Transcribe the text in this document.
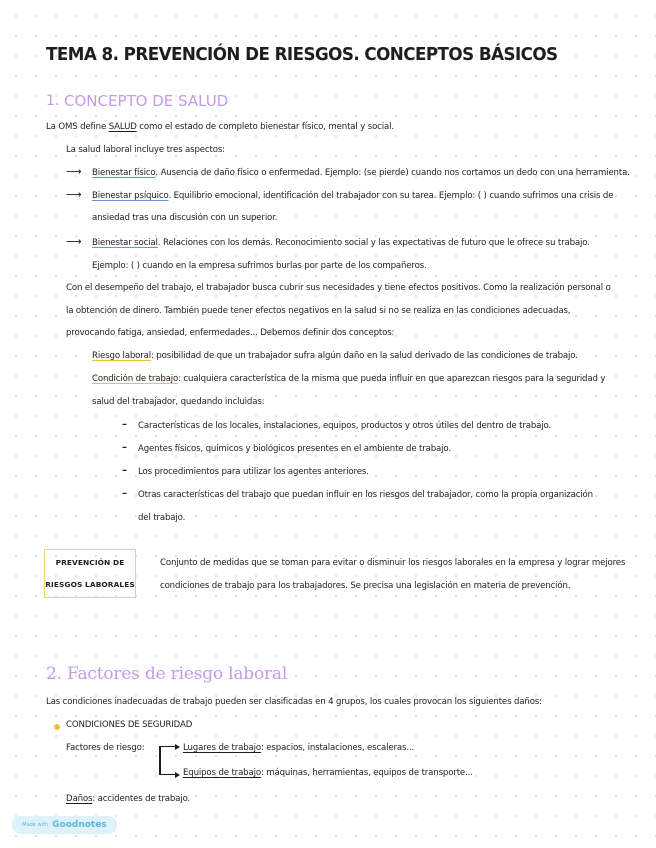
TEMA 8. PREVENCIÓN DE RIESGOS. CONCEPTOS BÁSICOS
1. CONCEPTO DE SALUD
La OMS define SALUD como el estado de completo bienestar físico, mental y social.
La salud laboral incluye tres aspectos:
⟶ Bienestar físico. Ausencia de daño físico o enfermedad. Ejemplo: (se pierde) cuando nos cortamos un dedo con una herramienta.
⟶ Bienestar psíquico. Equilibrio emocional, identificación del trabajador con su tarea. Ejemplo: ( ) cuando sufrimos una crisis de
ansiedad tras una discusión con un superior.
⟶ Bienestar social. Relaciones con los demás. Reconocimiento social y las expectativas de futuro que le ofrece su trabajo.
Ejemplo: ( ) cuando en la empresa sufrimos burlas por parte de los compañeros.
Con el desempeño del trabajo, el trabajador busca cubrir sus necesidades y tiene efectos positivos. Como la realización personal o
la obtención de dinero. También puede tener efectos negativos en la salud si no se realiza en las condiciones adecuadas,
provocando fatiga, ansiedad, enfermedades... Debemos definir dos conceptos:
Riesgo laboral: posibilidad de que un trabajador sufra algún daño en la salud derivado de las condiciones de trabajo.
Condición de trabajo: cualquiera característica de la misma que pueda influir en que aparezcan riesgos para la seguridad y
salud del trabajador, quedando incluidas:
– Características de los locales, instalaciones, equipos, productos y otros útiles del dentro de trabajo.
– Agentes físicos, químicos y biológicos presentes en el ambiente de trabajo.
– Los procedimientos para utilizar los agentes anteriores.
– Otras características del trabajo que puedan influir en los riesgos del trabajador, como la propia organización
del trabajo.
PREVENCIÓN DE
RIESGOS LABORALES
Conjunto de medidas que se toman para evitar o disminuir los riesgos laborales en la empresa y lograr mejores
condiciones de trabajo para los trabajadores. Se precisa una legislación en materia de prevención.
2. Factores de riesgo laboral
Las condiciones inadecuadas de trabajo pueden ser clasificadas en 4 grupos, los cuales provocan los siguientes daños:
CONDICIONES DE SEGURIDAD
Factores de riesgo:	Lugares de trabajo: espacios, instalaciones, escaleras...
Equipos de trabajo: máquinas, herramientas, equipos de transporte...
Daños: accidentes de trabajo.
Made with Goodnotes
